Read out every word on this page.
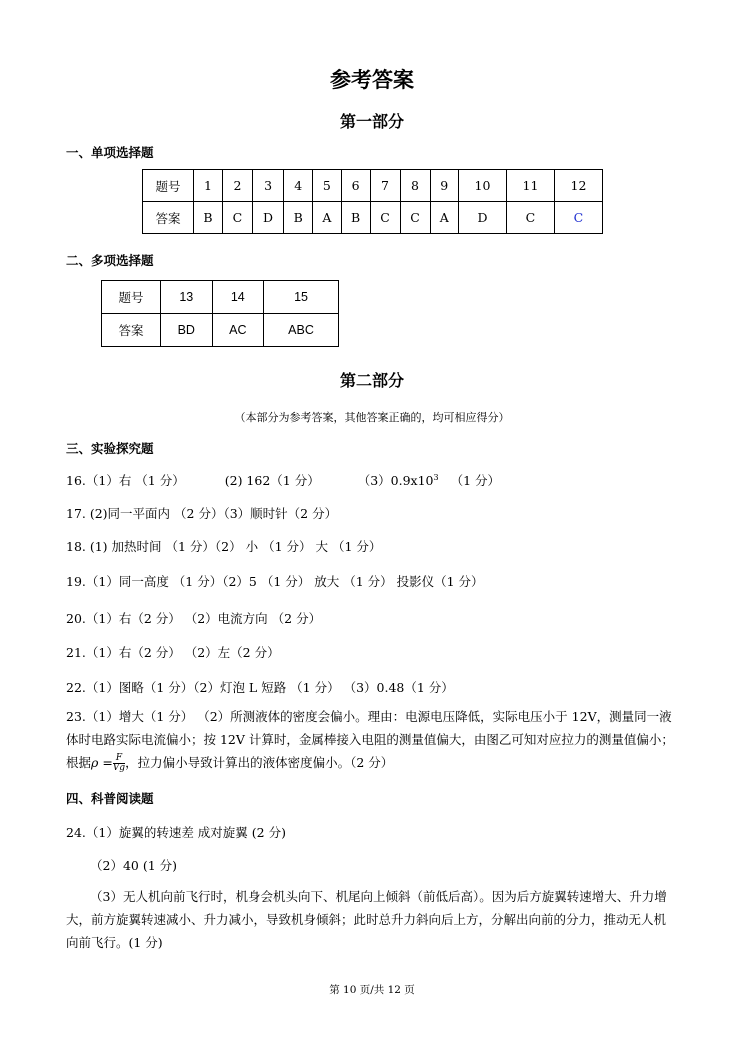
参考答案
第一部分
一、单项选择题
题号	1	2	3	4	5	6	7	8	9	10	11	12
答案	B	C	D	B	A	B	C	C	A	D	C	C
二、多项选择题
题号	13	14	15
答案	BD	AC	ABC
第二部分
（本部分为参考答案，其他答案正确的，均可相应得分）
三、实验探究题
16.（1）右 （1 分）	(2) 162（1 分）	$(3)0.9x10^3$ （1 分）
17. (2)同一平面内 （2 分）（3）顺时针（2 分）
18. (1) 加热时间 （1 分）（2） 小 （1 分） 大 （1 分）
19.（1）同一高度 （1 分）（2）5 （1 分） 放大 （1 分） 投影仪（1 分）
20.（1）右（2 分） （2）电流方向 （2 分）
21.（1）右（2 分） （2）左（2 分）
22.（1）图略（1 分）（2）灯泡 L 短路 （1 分） （3）0.48（1 分）
23.（1）增大（1 分） （2）所测液体的密度会偏小。理由：电源电压降低，实际电压小于 12V，测量同一液体时电路实际电流偏小；按 12V 计算时，金属棒接入电阻的测量值偏大，由图乙可知对应拉力的测量值偏小；根据$\rho = \frac{F}{Vg}$ ，拉力偏小导致计算出的液体密度偏小。（2 分）
四、科普阅读题
24.（1）旋翼的转速差 成对旋翼 (2 分)
（2）40 (1 分)
（3）无人机向前飞行时，机身会机头向下、机尾向上倾斜（前低后高）。因为后方旋翼转速增大、升力增大，前方旋翼转速减小、升力减小，导致机身倾斜；此时总升力斜向后上方，分解出向前的分力，推动无人机向前飞行。(1 分)
第 10 页/共 12 页
